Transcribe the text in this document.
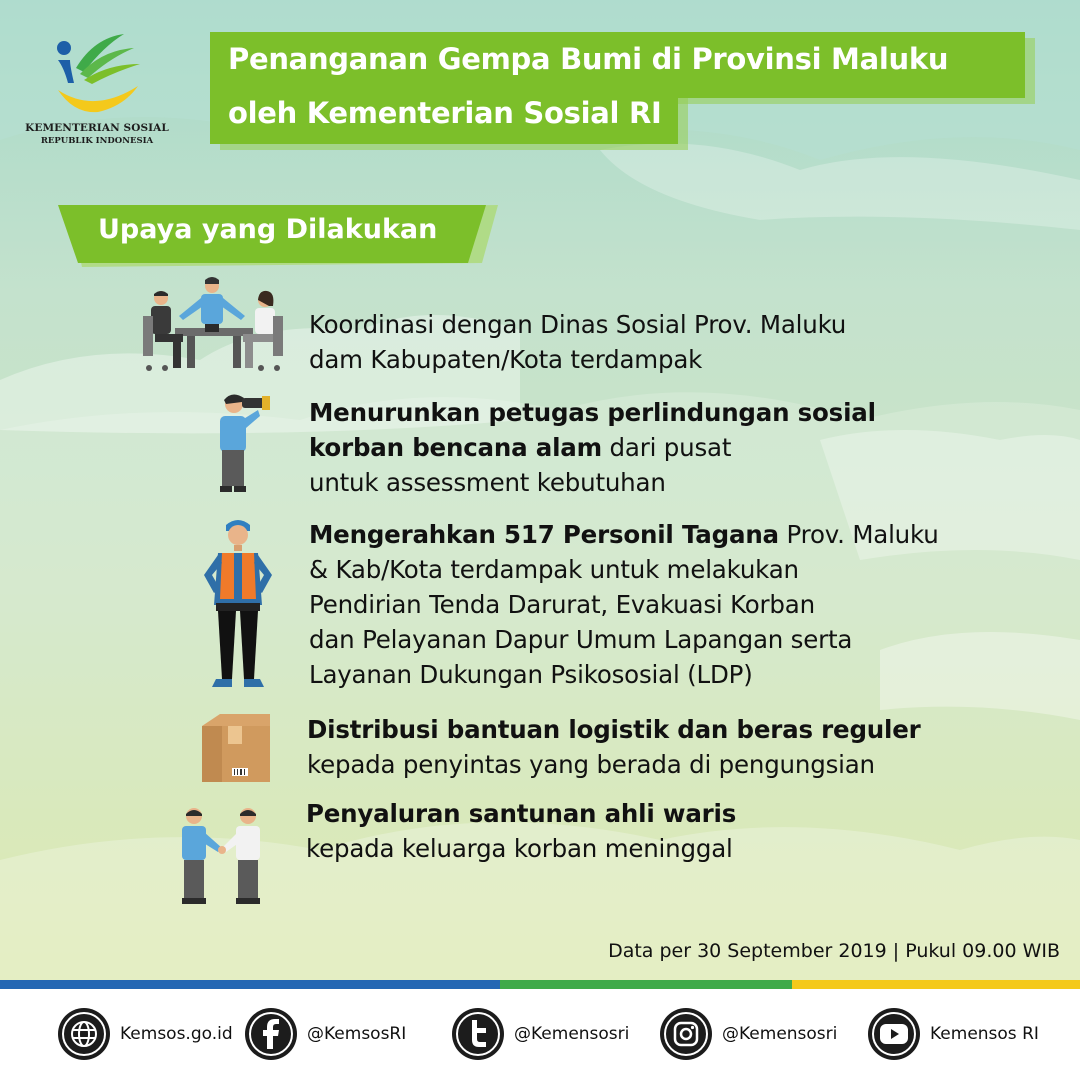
KEMENTERIAN SOSIAL
REPUBLIK INDONESIA
Penanganan Gempa Bumi di Provinsi Maluku
oleh Kementerian Sosial RI
Upaya yang Dilakukan
Koordinasi dengan Dinas Sosial Prov. Maluku
dam Kabupaten/Kota terdampak
Menurunkan petugas perlindungan sosial
korban bencana alam dari pusat
untuk assessment kebutuhan
Mengerahkan 517 Personil Tagana Prov. Maluku
& Kab/Kota terdampak untuk melakukan
Pendirian Tenda Darurat, Evakuasi Korban
dan Pelayanan Dapur Umum Lapangan serta
Layanan Dukungan Psikososial (LDP)
Distribusi bantuan logistik dan beras reguler
kepada penyintas yang berada di pengungsian
Penyaluran santunan ahli waris
kepada keluarga korban meninggal
Data per 30 September 2019 | Pukul 09.00 WIB
Kemsos.go.id	@KemsosRI	@Kemensosri	@Kemensosri	Kemensos RI
